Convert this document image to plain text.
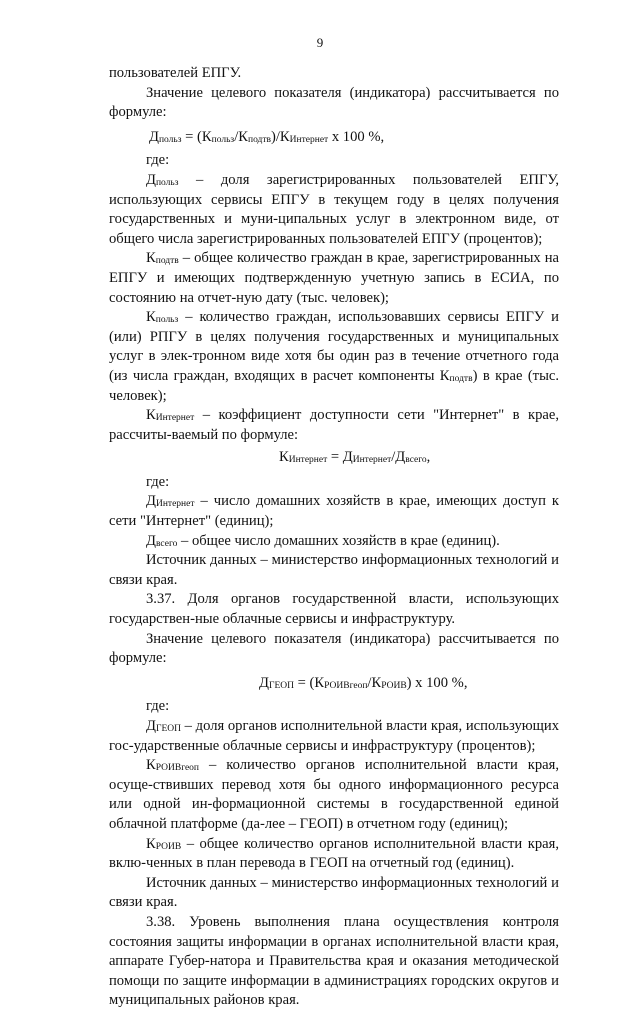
9

пользователей ЕПГУ.

Значение целевого показателя (индикатора) рассчитывается по формуле:

$Д_{польз} = (К_{польз}/К_{подтв})/К_{Интернет}$ х 100 %,

где:

$Д_{польз}$ – доля зарегистрированных пользователей ЕПГУ, использующих сервисы ЕПГУ в текущем году в целях получения государственных и муни-ципальных услуг в электронном виде, от общего числа зарегистрированных пользователей ЕПГУ (процентов);

$К_{подтв}$ – общее количество граждан в крае, зарегистрированных на ЕПГУ и имеющих подтвержденную учетную запись в ЕСИА, по состоянию на отчет-ную дату (тыс. человек);

$К_{польз}$ – количество граждан, использовавших сервисы ЕПГУ и (или) РПГУ в целях получения государственных и муниципальных услуг в элек-тронном виде хотя бы один раз в течение отчетного года (из числа граждан, входящих в расчет компоненты $К_{подтв}$) в крае (тыс. человек);

$К_{Интернет}$ – коэффициент доступности сети "Интернет" в крае, рассчиты-ваемый по формуле:

$К_{Интернет} = Д_{Интернет}/Д_{всего}$,

где:

$Д_{Интернет}$ – число домашних хозяйств в крае, имеющих доступ к сети "Интернет" (единиц);

$Д_{всего}$ – общее число домашних хозяйств в крае (единиц).

Источник данных – министерство информационных технологий и связи края.

3.37. Доля органов государственной власти, использующих государствен-ные облачные сервисы и инфраструктуру.

Значение целевого показателя (индикатора) рассчитывается по формуле:

$Д_{ГЕОП} = (К_{РОИВгеоп}/К_{РОИВ})$ х 100 %,

где:

$Д_{ГЕОП}$ – доля органов исполнительной власти края, использующих гос-ударственные облачные сервисы и инфраструктуру (процентов);

$К_{РОИВгеоп}$ – количество органов исполнительной власти края, осуще-ствивших перевод хотя бы одного информационного ресурса или одной ин-формационной системы в государственной единой облачной платформе (да-лее – ГЕОП) в отчетном году (единиц);

$К_{РОИВ}$ – общее количество органов исполнительной власти края, вклю-ченных в план перевода в ГЕОП на отчетный год (единиц).

Источник данных – министерство информационных технологий и связи края.

3.38. Уровень выполнения плана осуществления контроля состояния защиты информации в органах исполнительной власти края, аппарате Губер-натора и Правительства края и оказания методической помощи по защите информации в администрациях городских округов и муниципальных районов края.
